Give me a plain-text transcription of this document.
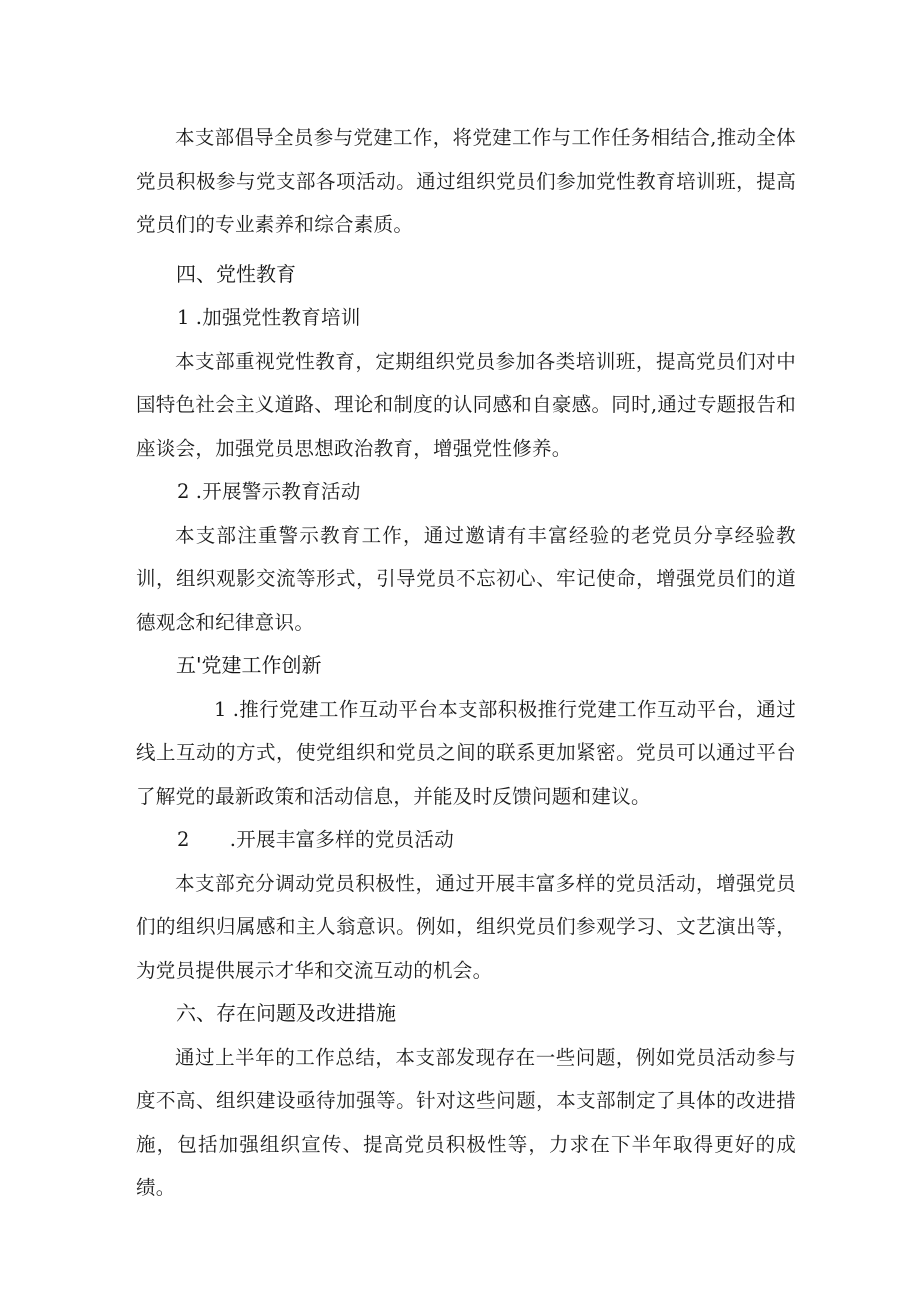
本支部倡导全员参与党建工作，将党建工作与工作任务相结合,推动全体党员积极参与党支部各项活动。通过组织党员们参加党性教育培训班，提高党员们的专业素养和综合素质。

四、党性教育

1 .加强党性教育培训

本支部重视党性教育，定期组织党员参加各类培训班，提高党员们对中国特色社会主义道路、理论和制度的认同感和自豪感。同时,通过专题报告和座谈会，加强党员思想政治教育，增强党性修养。

2 .开展警示教育活动

本支部注重警示教育工作，通过邀请有丰富经验的老党员分享经验教训，组织观影交流等形式，引导党员不忘初心、牢记使命，增强党员们的道德观念和纪律意识。

五'党建工作创新

1 .推行党建工作互动平台本支部积极推行党建工作互动平台，通过线上互动的方式，使党组织和党员之间的联系更加紧密。党员可以通过平台了解党的最新政策和活动信息，并能及时反馈问题和建议。

2 .开展丰富多样的党员活动

本支部充分调动党员积极性，通过开展丰富多样的党员活动，增强党员们的组织归属感和主人翁意识。例如，组织党员们参观学习、文艺演出等，为党员提供展示才华和交流互动的机会。

六、存在问题及改进措施

通过上半年的工作总结，本支部发现存在一些问题，例如党员活动参与度不高、组织建设亟待加强等。针对这些问题，本支部制定了具体的改进措施，包括加强组织宣传、提高党员积极性等，力求在下半年取得更好的成绩。
